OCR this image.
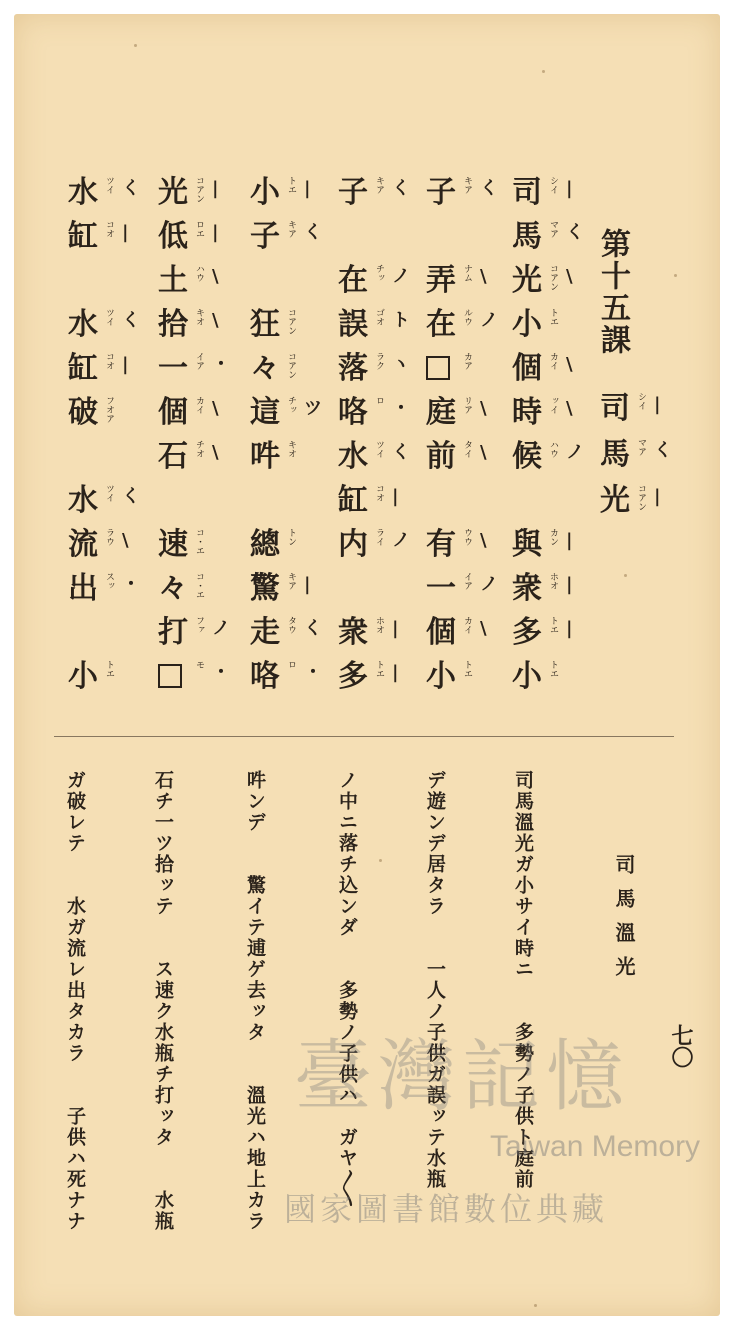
第十五課
司 シイ |
馬 マア く
光 コアン |
司 シイ |
馬 マア く
光 コアン \
小 トエ
個 カイ \
時 ッイ \
候 ハウ ノ
與 カン |
衆 ホオ |
多 トエ |
小 トエ
子 キア く
弄 ナム \
在 ルウ ノ
カア
庭 リア \
前 タイ \
有 ウウ \
一 イア ノ
個 カイ \
小 トエ
子 キア く
在 チッ ノ
誤 ゴオ ト
落 ラク ヽ
咯 ロ ・
水 ツイ く
缸 コオ |
内 ライ ノ
衆 ホオ |
多 トエ |
小 トエ |
子 キア く
狂 コアン
々 コアン
這 チッ ツ
吽 キオ
總 トン
驚 キア |
走 タウ く
咯 ロ ・
光 コアン |
低 ロエ |
土 ハウ \
拾 キオ \
一 イア ・
個 カイ \
石 チオ \
速 コ・エ
々 コ・エ
打 ファ ノ
モ ・
水 ツイ く
缸 コオ |
水 ツイ く
缸 コオ |
破 フオア
水 ツイ く
流 ラウ \
出 スッ ・
小 トエ
司馬溫光
司馬溫光ガ小サイ時ニ　　多勢ノ子供ト庭前
デ遊ンデ居タラ　　一人ノ子供ガ誤ッテ水瓶
ノ中ニ落チ込ンダ　　多勢ノ子供ハ　ガヤ〳〵
吽ンデ　　驚イテ逋ゲ去ッタ　　溫光ハ地上カラ
石チ一ツ拾ッテ　　ス速ク水瓶チ打ッタ　　水瓶
ガ破レテ　　水ガ流レ出タカラ　　子供ハ死ナナ	七〇
臺灣記憶
Taiwan Memory
國家圖書館數位典藏
